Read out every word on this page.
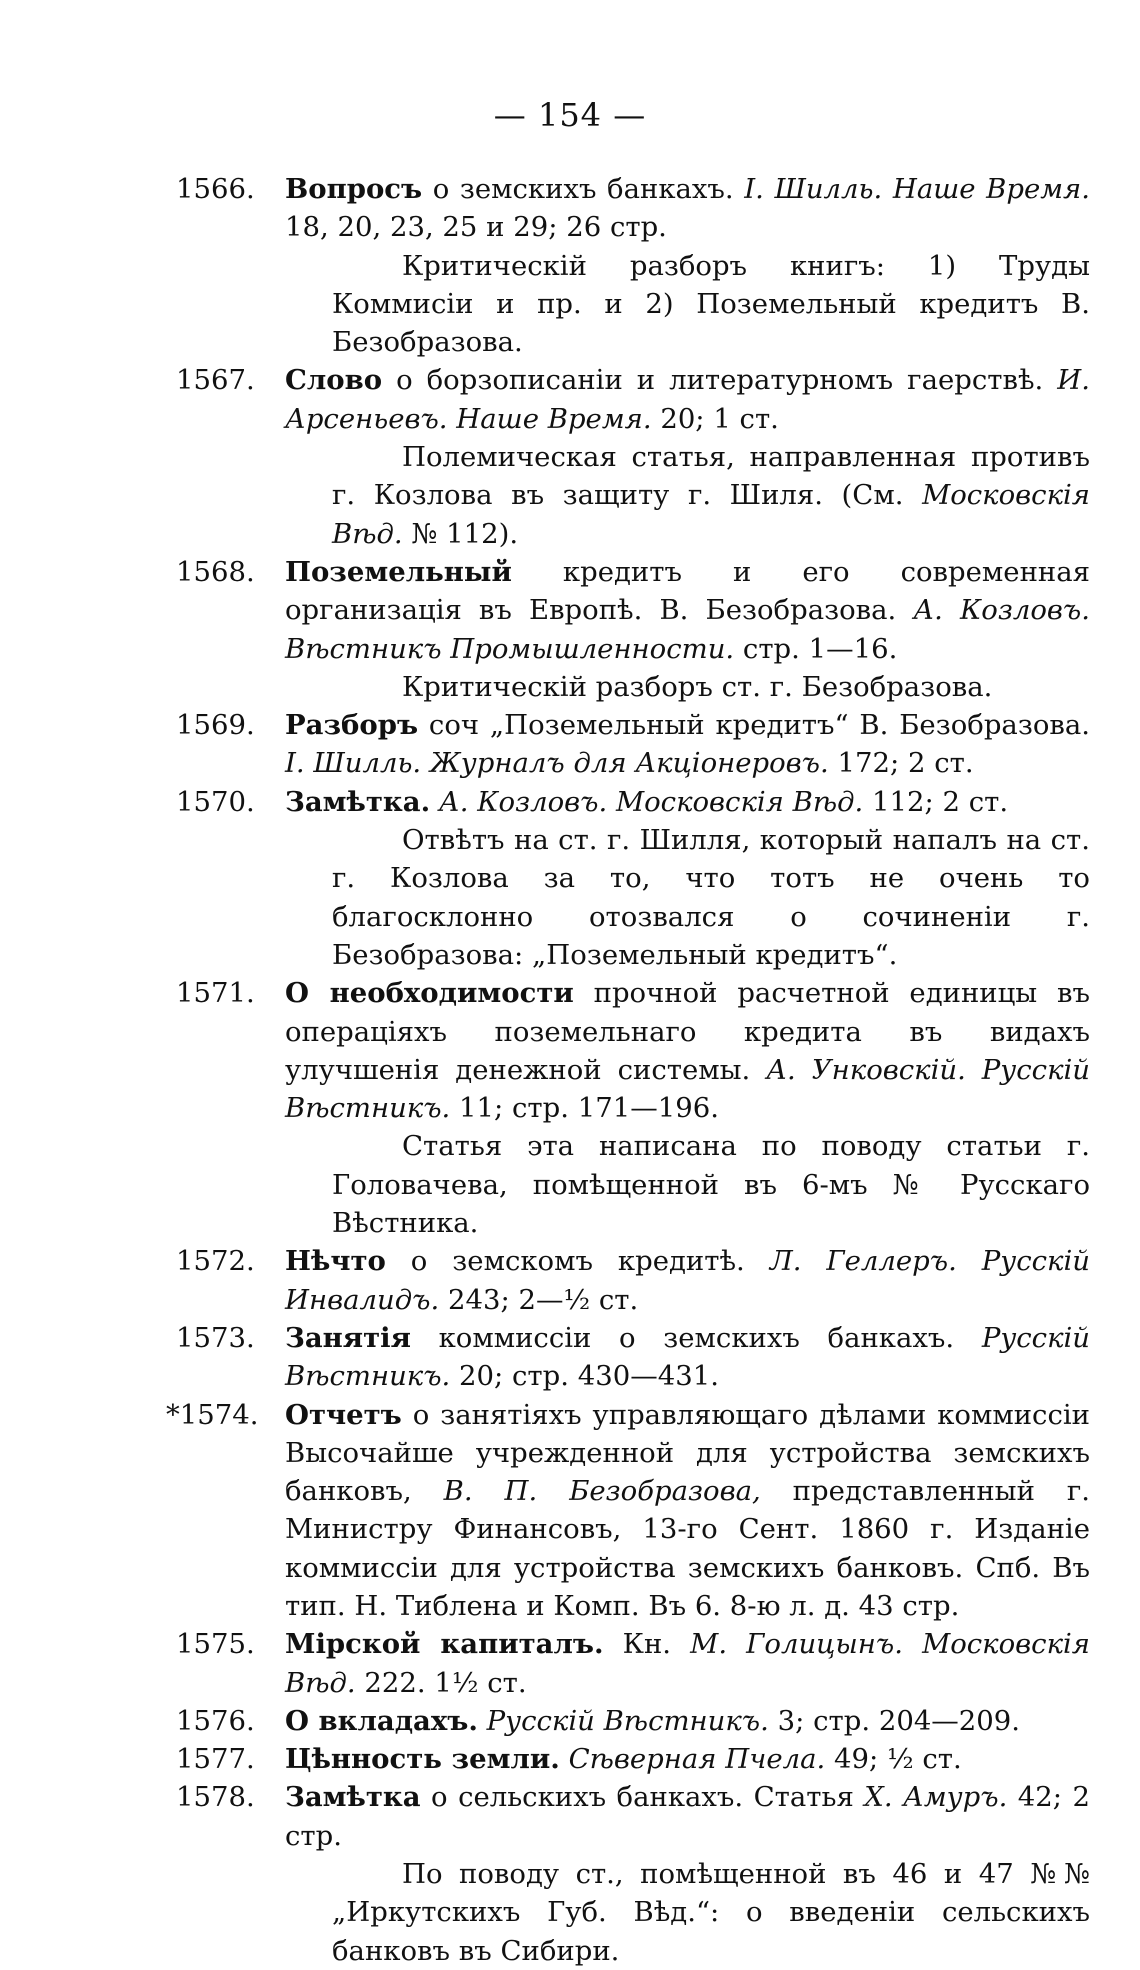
— 154 —
1566. Вопросъ о земскихъ банкахъ. I. Шилль. Наше Время. 18, 20, 23, 25 и 29; 26 стр.
Критическій разборъ книгъ: 1) Труды Коммисіи и пр. и 2) Поземельный кредитъ В. Безобразова.
1567. Слово о борзописаніи и литературномъ гаерствѣ. И. Арсеньевъ. Наше Время. 20; 1 ст.
Полемическая статья, направленная противъ г. Козлова въ защиту г. Шиля. (См. Московскія Вѣд. № 112).
1568. Поземельный кредитъ и его современная организація въ Европѣ. В. Безобразова. А. Козловъ. Вѣстникъ Промышленности. стр. 1—16.
Критическій разборъ ст. г. Безобразова.
1569. Разборъ соч „Поземельный кредитъ“ В. Безобразова. I. Шилль. Журналъ для Акціонеровъ. 172; 2 ст.
1570. Замѣтка. А. Козловъ. Московскія Вѣд. 112; 2 ст.
Отвѣтъ на ст. г. Шилля, который напалъ на ст. г. Козлова за то, что тотъ не очень то благосклонно отозвался о сочиненіи г. Безобразова: „Поземельный кредитъ“.
1571. О необходимости прочной расчетной единицы въ операціяхъ поземельнаго кредита въ видахъ улучшенія денежной системы. А. Унковскій. Русскій Вѣстникъ. 11; стр. 171—196.
Статья эта написана по поводу статьи г. Головачева, помѣщенной въ 6-мъ № Русскаго Вѣстника.
1572. Нѣчто о земскомъ кредитѣ. Л. Геллеръ. Русскій Инвалидъ. 243; 2—½ ст.
1573. Занятія коммиссіи о земскихъ банкахъ. Русскій Вѣстникъ. 20; стр. 430—431.
*1574. Отчетъ о занятіяхъ управляющаго дѣлами коммиссіи Высочайше учрежденной для устройства земскихъ банковъ, В. П. Безобразова, представленный г. Министру Финансовъ, 13-го Сент. 1860 г. Изданіе коммиссіи для устройства земскихъ банковъ. Спб. Въ тип. Н. Тиблена и Комп. Въ 6. 8-ю л. д. 43 стр.
1575. Мірской капиталъ. Кн. М. Голицынъ. Московскія Вѣд. 222. 1½ ст.
1576. О вкладахъ. Русскій Вѣстникъ. 3; стр. 204—209.
1577. Цѣнность земли. Сѣверная Пчела. 49; ½ ст.
1578. Замѣтка о сельскихъ банкахъ. Статья X. Амуръ. 42; 2 стр.
По поводу ст., помѣщенной въ 46 и 47 №№ „Иркутскихъ Губ. Вѣд.“: о введеніи сельскихъ банковъ въ Сибири.
